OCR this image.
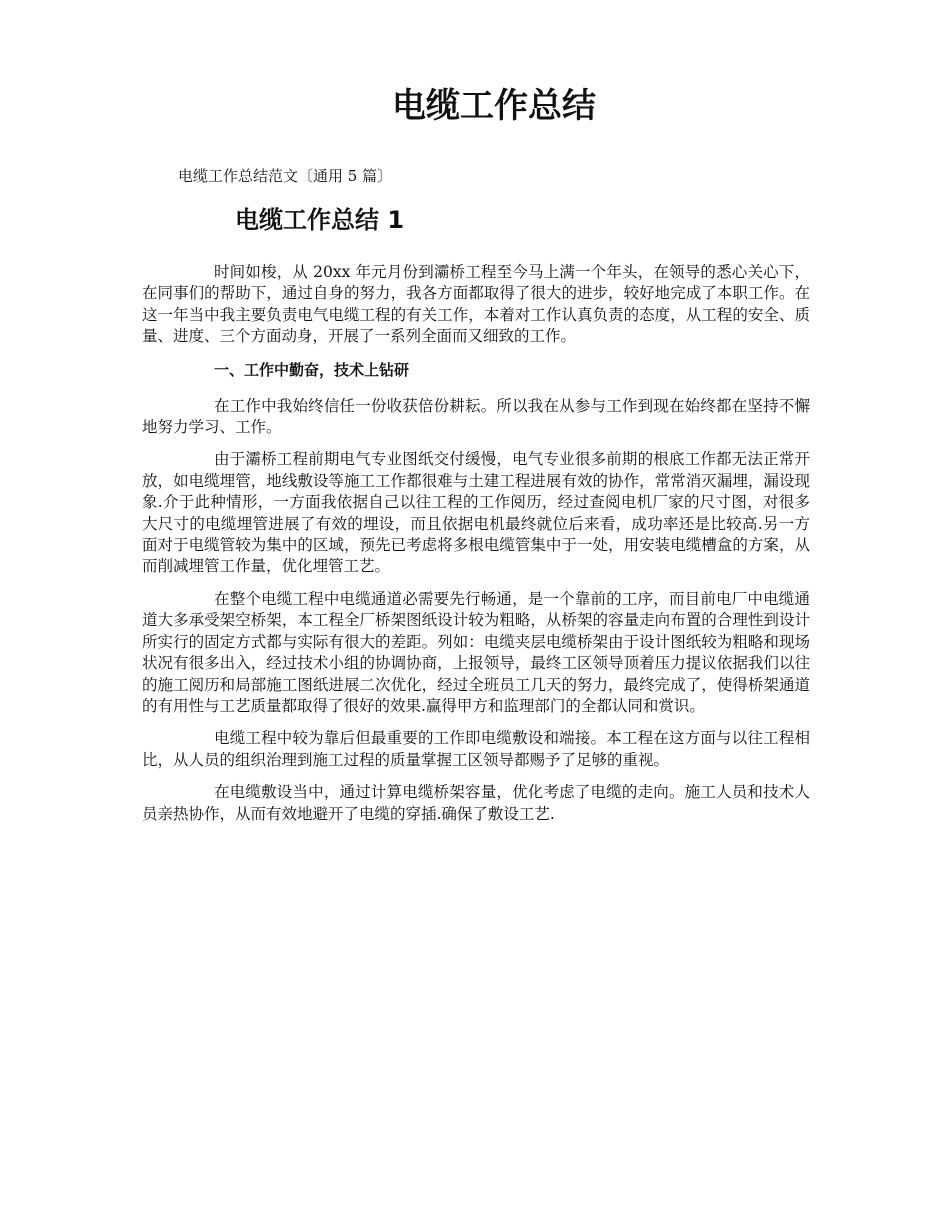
电缆工作总结

电缆工作总结范文〔通用 5 篇〕

电缆工作总结 1

时间如梭，从 20xx 年元月份到灞桥工程至今马上满一个年头，在领导的悉心关心下，在同事们的帮助下，通过自身的努力，我各方面都取得了很大的进步，较好地完成了本职工作。在这一年当中我主要负责电气电缆工程的有关工作，本着对工作认真负责的态度，从工程的安全、质量、进度、三个方面动身，开展了一系列全面而又细致的工作。

一、工作中勤奋，技术上钻研

在工作中我始终信任一份收获倍份耕耘。所以我在从参与工作到现在始终都在坚持不懈地努力学习、工作。

由于灞桥工程前期电气专业图纸交付缓慢，电气专业很多前期的根底工作都无法正常开放，如电缆埋管，地线敷设等施工工作都很难与土建工程进展有效的协作，常常消灭漏埋，漏设现象.介于此种情形，一方面我依据自己以往工程的工作阅历，经过查阅电机厂家的尺寸图，对很多大尺寸的电缆埋管进展了有效的埋设，而且依据电机最终就位后来看，成功率还是比较高.另一方面对于电缆管较为集中的区域，预先已考虑将多根电缆管集中于一处，用安装电缆槽盒的方案，从而削减埋管工作量，优化埋管工艺。

在整个电缆工程中电缆通道必需要先行畅通，是一个靠前的工序，而目前电厂中电缆通道大多承受架空桥架，本工程全厂桥架图纸设计较为粗略，从桥架的容量走向布置的合理性到设计所实行的固定方式都与实际有很大的差距。列如：电缆夹层电缆桥架由于设计图纸较为粗略和现场状况有很多出入，经过技术小组的协调协商，上报领导，最终工区领导顶着压力提议依据我们以往的施工阅历和局部施工图纸进展二次优化，经过全班员工几天的努力，最终完成了，使得桥架通道的有用性与工艺质量都取得了很好的效果.赢得甲方和监理部门的全都认同和赏识。

电缆工程中较为靠后但最重要的工作即电缆敷设和端接。本工程在这方面与以往工程相比，从人员的组织治理到施工过程的质量掌握工区领导都赐予了足够的重视。

在电缆敷设当中，通过计算电缆桥架容量，优化考虑了电缆的走向。施工人员和技术人员亲热协作，从而有效地避开了电缆的穿插.确保了敷设工艺.
